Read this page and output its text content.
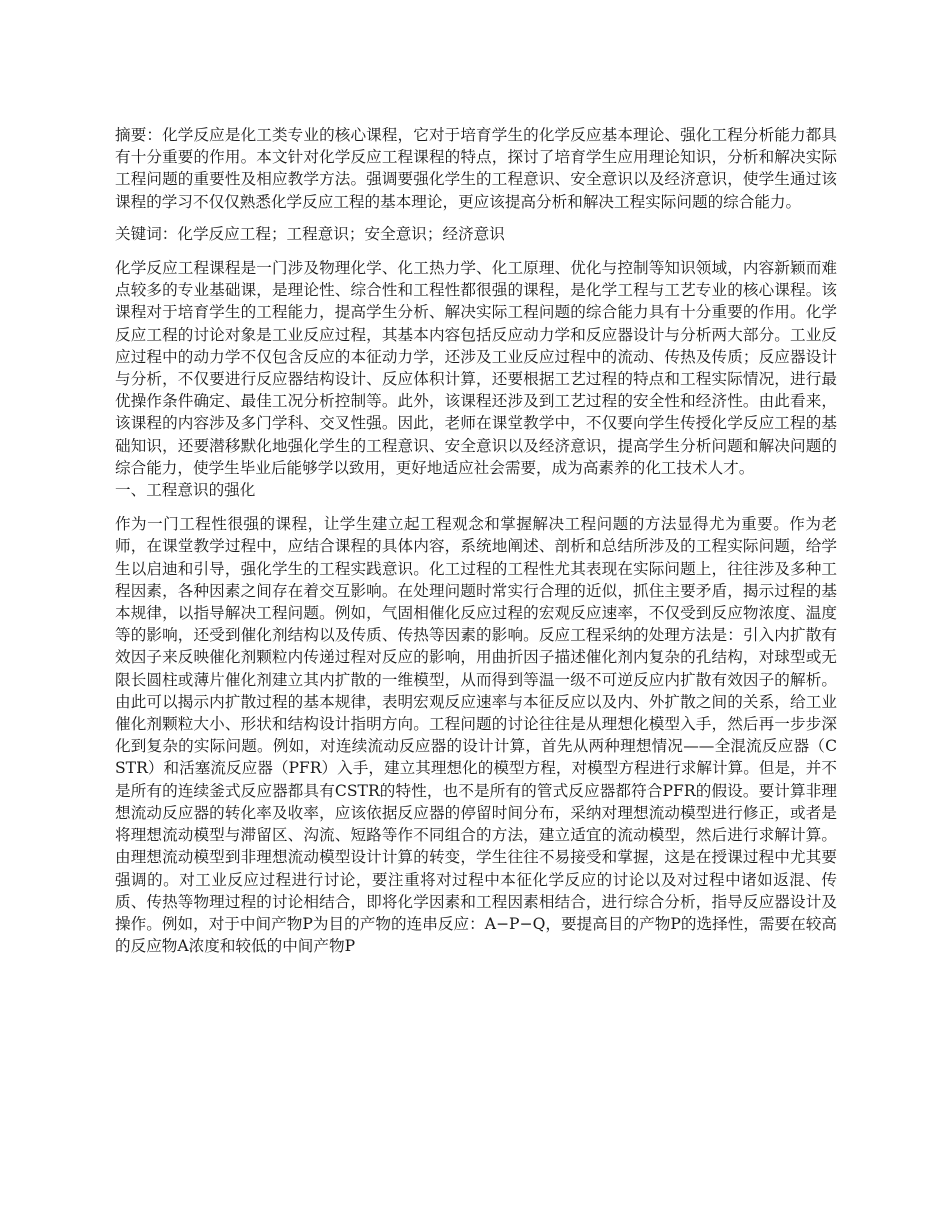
摘要：化学反应是化工类专业的核心课程，它对于培育学生的化学反应基本理论、强化工程分析能力都具有十分重要的作用。本文针对化学反应工程课程的特点，探讨了培育学生应用理论知识，分析和解决实际工程问题的重要性及相应教学方法。强调要强化学生的工程意识、安全意识以及经济意识，使学生通过该课程的学习不仅仅熟悉化学反应工程的基本理论，更应该提高分析和解决工程实际问题的综合能力。

关键词：化学反应工程；工程意识；安全意识；经济意识

化学反应工程课程是一门涉及物理化学、化工热力学、化工原理、优化与控制等知识领域，内容新颖而难点较多的专业基础课，是理论性、综合性和工程性都很强的课程，是化学工程与工艺专业的核心课程。该课程对于培育学生的工程能力，提高学生分析、解决实际工程问题的综合能力具有十分重要的作用。化学反应工程的讨论对象是工业反应过程，其基本内容包括反应动力学和反应器设计与分析两大部分。工业反应过程中的动力学不仅包含反应的本征动力学，还涉及工业反应过程中的流动、传热及传质；反应器设计与分析，不仅要进行反应器结构设计、反应体积计算，还要根据工艺过程的特点和工程实际情况，进行最优操作条件确定、最佳工况分析控制等。此外，该课程还涉及到工艺过程的安全性和经济性。由此看来，该课程的内容涉及多门学科、交叉性强。因此，老师在课堂教学中，不仅要向学生传授化学反应工程的基础知识，还要潜移默化地强化学生的工程意识、安全意识以及经济意识，提高学生分析问题和解决问题的综合能力，使学生毕业后能够学以致用，更好地适应社会需要，成为高素养的化工技术人才。

一、工程意识的强化

作为一门工程性很强的课程，让学生建立起工程观念和掌握解决工程问题的方法显得尤为重要。作为老师，在课堂教学过程中，应结合课程的具体内容，系统地阐述、剖析和总结所涉及的工程实际问题，给学生以启迪和引导，强化学生的工程实践意识。化工过程的工程性尤其表现在实际问题上，往往涉及多种工程因素，各种因素之间存在着交互影响。在处理问题时常实行合理的近似，抓住主要矛盾，揭示过程的基本规律，以指导解决工程问题。例如，气固相催化反应过程的宏观反应速率，不仅受到反应物浓度、温度等的影响，还受到催化剂结构以及传质、传热等因素的影响。反应工程采纳的处理方法是：引入内扩散有效因子来反映催化剂颗粒内传递过程对反应的影响，用曲折因子描述催化剂内复杂的孔结构，对球型或无限长圆柱或薄片催化剂建立其内扩散的一维模型，从而得到等温一级不可逆反应内扩散有效因子的解析。由此可以揭示内扩散过程的基本规律，表明宏观反应速率与本征反应以及内、外扩散之间的关系，给工业催化剂颗粒大小、形状和结构设计指明方向。工程问题的讨论往往是从理想化模型入手，然后再一步步深化到复杂的实际问题。例如，对连续流动反应器的设计计算，首先从两种理想情况——全混流反应器（CSTR）和活塞流反应器（PFR）入手，建立其理想化的模型方程，对模型方程进行求解计算。但是，并不是所有的连续釜式反应器都具有CSTR的特性，也不是所有的管式反应器都符合PFR的假设。要计算非理想流动反应器的转化率及收率，应该依据反应器的停留时间分布，采纳对理想流动模型进行修正，或者是将理想流动模型与滞留区、沟流、短路等作不同组合的方法，建立适宜的流动模型，然后进行求解计算。由理想流动模型到非理想流动模型设计计算的转变，学生往往不易接受和掌握，这是在授课过程中尤其要强调的。对工业反应过程进行讨论，要注重将对过程中本征化学反应的讨论以及对过程中诸如返混、传质、传热等物理过程的讨论相结合，即将化学因素和工程因素相结合，进行综合分析，指导反应器设计及操作。例如，对于中间产物P为目的产物的连串反应：A−P−Q，要提高目的产物P的选择性，需要在较高的反应物A浓度和较低的中间产物P
